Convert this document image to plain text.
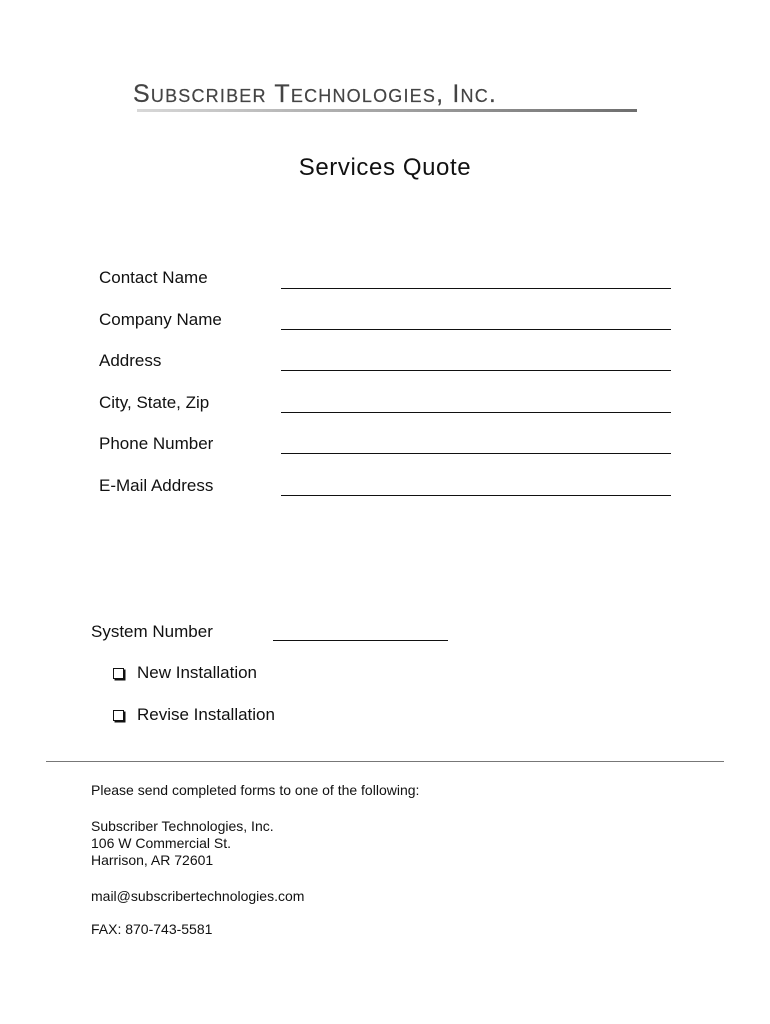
Subscriber Technologies, Inc.
Services Quote
Contact Name
Company Name
Address
City, State, Zip
Phone Number
E-Mail Address
System Number
New Installation
Revise Installation
Please send completed forms to one of the following:
Subscriber Technologies, Inc.
106 W Commercial St.
Harrison, AR 72601
mail@subscribertechnologies.com
FAX: 870-743-5581
